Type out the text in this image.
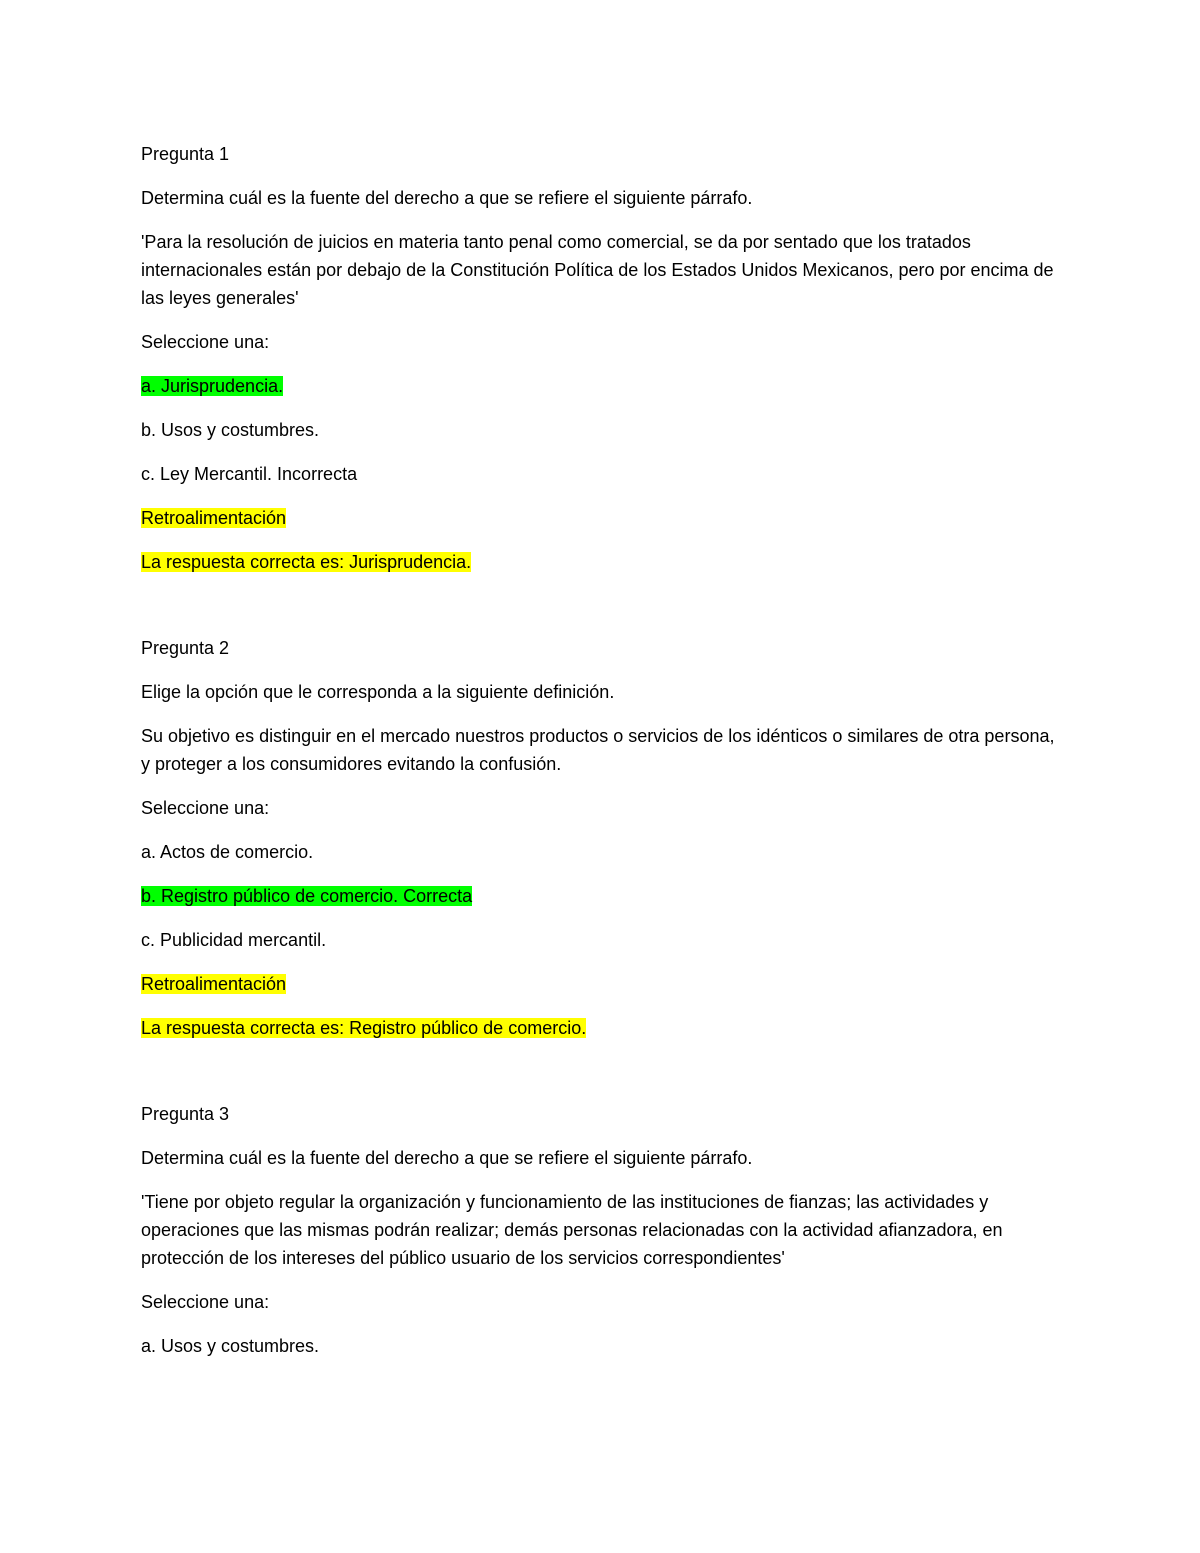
Pregunta 1
Determina cuál es la fuente del derecho a que se refiere el siguiente párrafo.
'Para la resolución de juicios en materia tanto penal como comercial, se da por sentado que los tratados internacionales están por debajo de la Constitución Política de los Estados Unidos Mexicanos, pero por encima de las leyes generales'
Seleccione una:
a. Jurisprudencia.
b. Usos y costumbres.
c. Ley Mercantil. Incorrecta
Retroalimentación
La respuesta correcta es: Jurisprudencia.
Pregunta 2
Elige la opción que le corresponda a la siguiente definición.
Su objetivo es distinguir en el mercado nuestros productos o servicios de los idénticos o similares de otra persona, y proteger a los consumidores evitando la confusión.
Seleccione una:
a. Actos de comercio.
b. Registro público de comercio. Correcta
c. Publicidad mercantil.
Retroalimentación
La respuesta correcta es: Registro público de comercio.
Pregunta 3
Determina cuál es la fuente del derecho a que se refiere el siguiente párrafo.
'Tiene por objeto regular la organización y funcionamiento de las instituciones de fianzas; las actividades y operaciones que las mismas podrán realizar; demás personas relacionadas con la actividad afianzadora, en protección de los intereses del público usuario de los servicios correspondientes'
Seleccione una:
a. Usos y costumbres.
